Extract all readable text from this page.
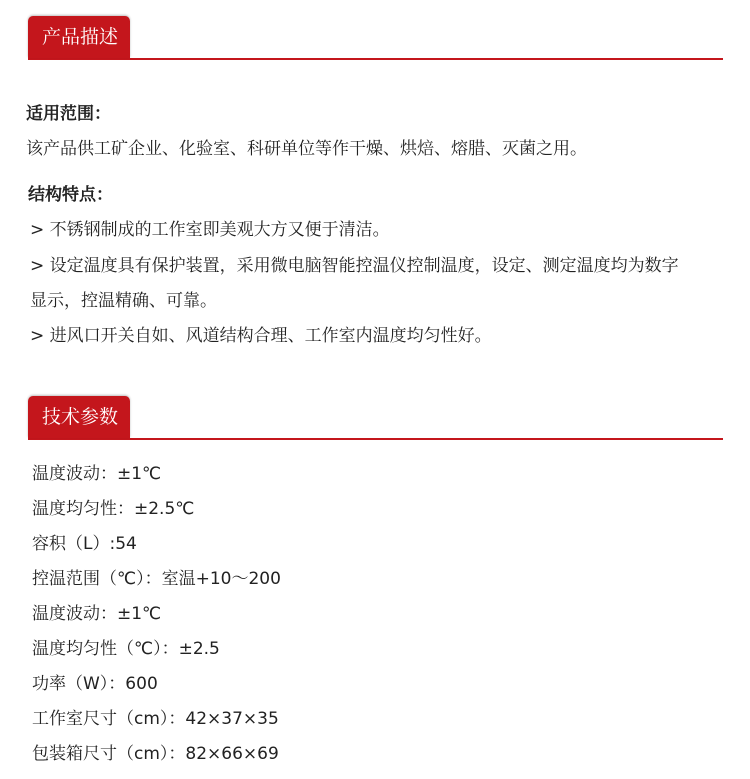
产品描述
适用范围：
该产品供工矿企业、化验室、科研单位等作干燥、烘焙、熔腊、灭菌之用。
结构特点：
> 不锈钢制成的工作室即美观大方又便于清洁。
> 设定温度具有保护装置，采用微电脑智能控温仪控制温度，设定、测定温度均为数字
显示，控温精确、可靠。
> 进风口开关自如、风道结构合理、工作室内温度均匀性好。
技术参数
温度波动：±1℃
温度均匀性：±2.5℃
容积（L）:54
控温范围（℃）：室温+10～200
温度波动：±1℃
温度均匀性（℃）：±2.5
功率（W）：600
工作室尺寸（cm）：42×37×35
包装箱尺寸（cm）：82×66×69
